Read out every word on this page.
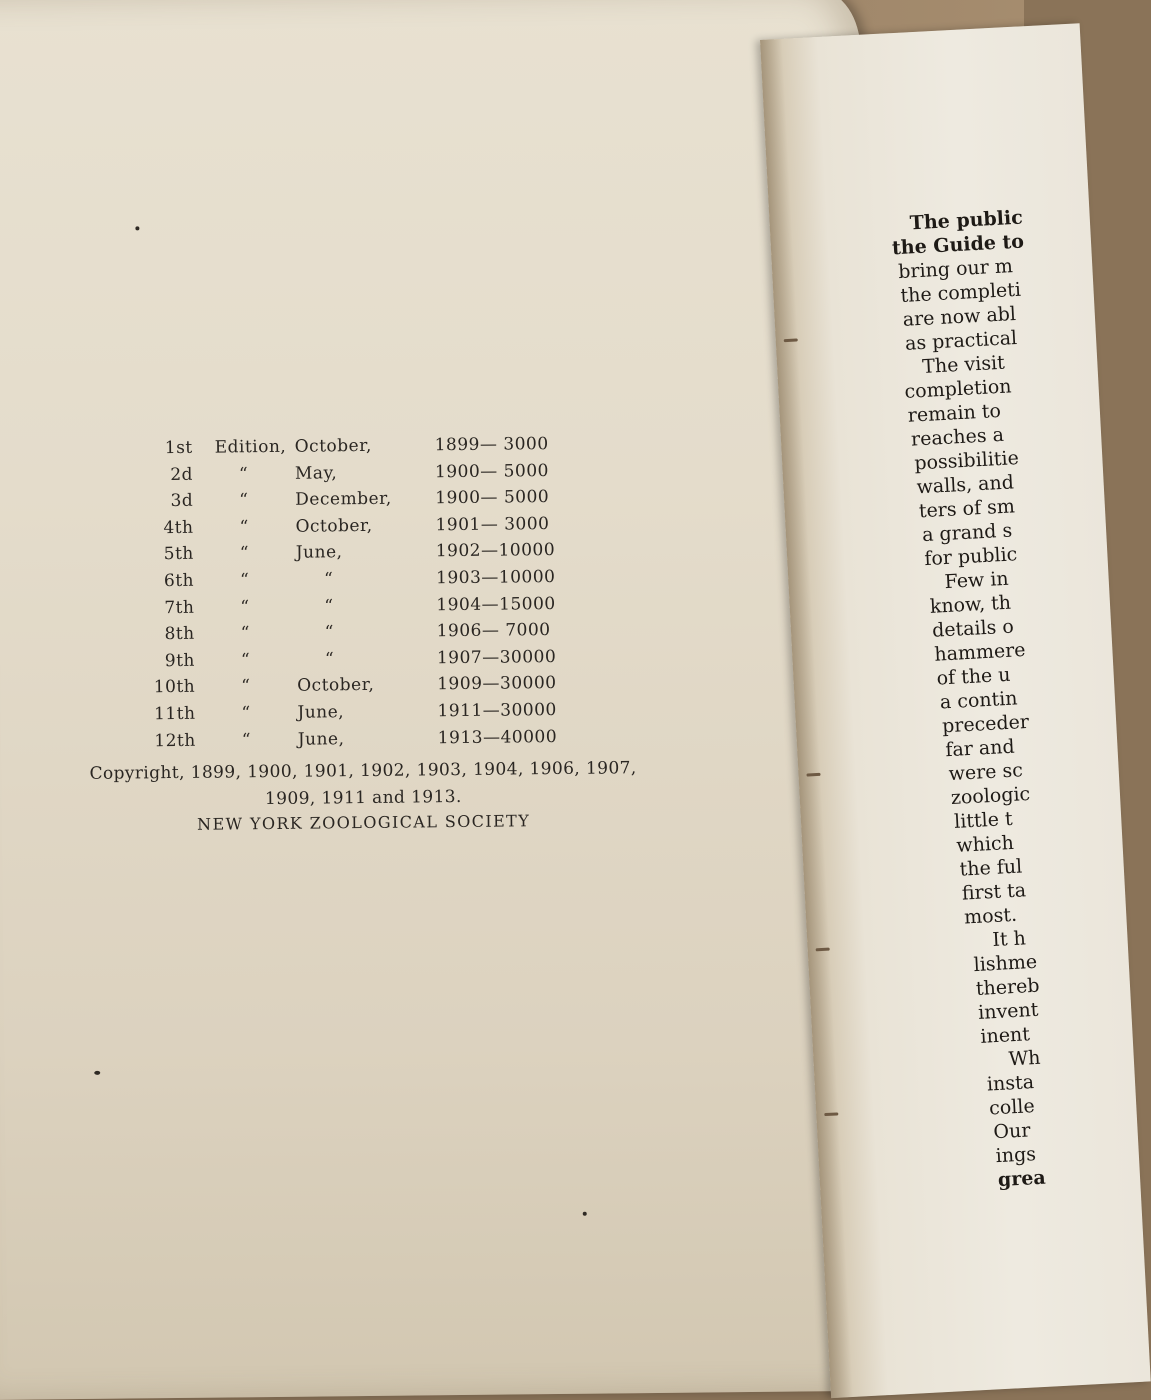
1st Edition, October,	1899— 3000
2d	“	May,	1900— 5000
3d	“	December,	1900— 5000
4th	“	October,	1901— 3000
5th	“	June,	1902—10000
6th	“	“	1903—10000
7th	“	“	1904—15000
8th	“	“	1906— 7000
9th	“	“	1907—30000
10th	“	October,	1909—30000
11th	“	June,	1911—30000
12th	“	June,	1913—40000
Copyright, 1899, 1900, 1901, 1902, 1903, 1904, 1906, 1907,
1909, 1911 and 1913.
NEW YORK ZOOLOGICAL SOCIETY
The public
the Guide to
bring our m
the completi
are now abl
as practical
The visit
completion
remain to
reaches a
possibilitie
walls, and
ters of sm
a grand s
for public
Few in
know, th
details o
hammere
of the u
a contin
preceder
far and
were sc
zoologic
little t
which
the ful
first ta
most.
It h
lishme
thereb
invent
inent
Wh
insta
colle
Our
ings
grea
